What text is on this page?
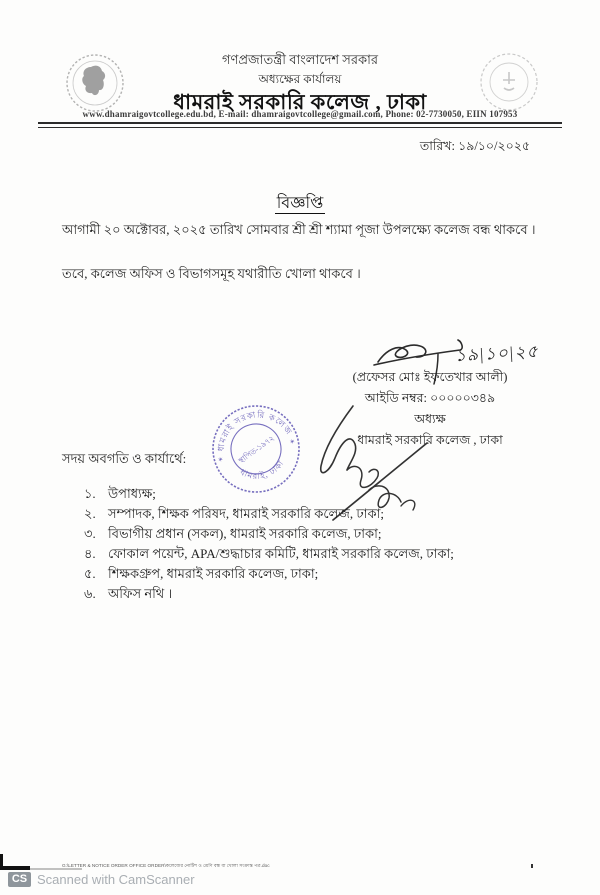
গণপ্রজাতন্ত্রী বাংলাদেশ সরকার
অধ্যক্ষের কার্যালয়
ধামরাই সরকারি কলেজ , ঢাকা
www.dhamraigovtcollege.edu.bd, E-mail: dhamraigovtcollege@gmail.com, Phone: 02-7730050, EIIN 107953
তারিখ: ১৯/১০/২০২৫
বিজ্ঞপ্তি
আগামী ২০ অক্টোবর, ২০২৫ তারিখ সোমবার শ্রী শ্রী শ্যামা পূজা উপলক্ষ্যে কলেজ বন্ধ থাকবে ।
তবে, কলেজ অফিস ও বিভাগসমূহ যথারীতি খোলা থাকবে ।
১৯|১০|২৫
(প্রফেসর মোঃ ইফতেখার আলী)
আইডি নম্বর: ০০০০০৩৪৯
অধ্যক্ষ
ধামরাই সরকারি কলেজ , ঢাকা
ধামরাই সরকারি কলেজ
ধামরাই, ঢাকা
স্থাপিত-১৯৭২
✶
✶
সদয় অবগতি ও কার্যার্থে:
১. উপাধ্যক্ষ;
২. সম্পাদক, শিক্ষক পরিষদ, ধামরাই সরকারি কলেজ, ঢাকা;
৩. বিভাগীয় প্রধান (সকল), ধামরাই সরকারি কলেজ, ঢাকা;
৪. ফোকাল পয়েন্ট, APA/শুদ্ধাচার কমিটি, ধামরাই সরকারি কলেজ, ঢাকা;
৫. শিক্ষকগ্রুপ, ধামরাই সরকারি কলেজ, ঢাকা;
৬. অফিস নথি ।
G:\LETTER & NOTICE ORDER OFFICE ORDER\কলেজের নোটিশ ও শ্রেণি বন্ধ বা খোলা সংক্রান্ত পত্র.doc
CS Scanned with CamScanner
